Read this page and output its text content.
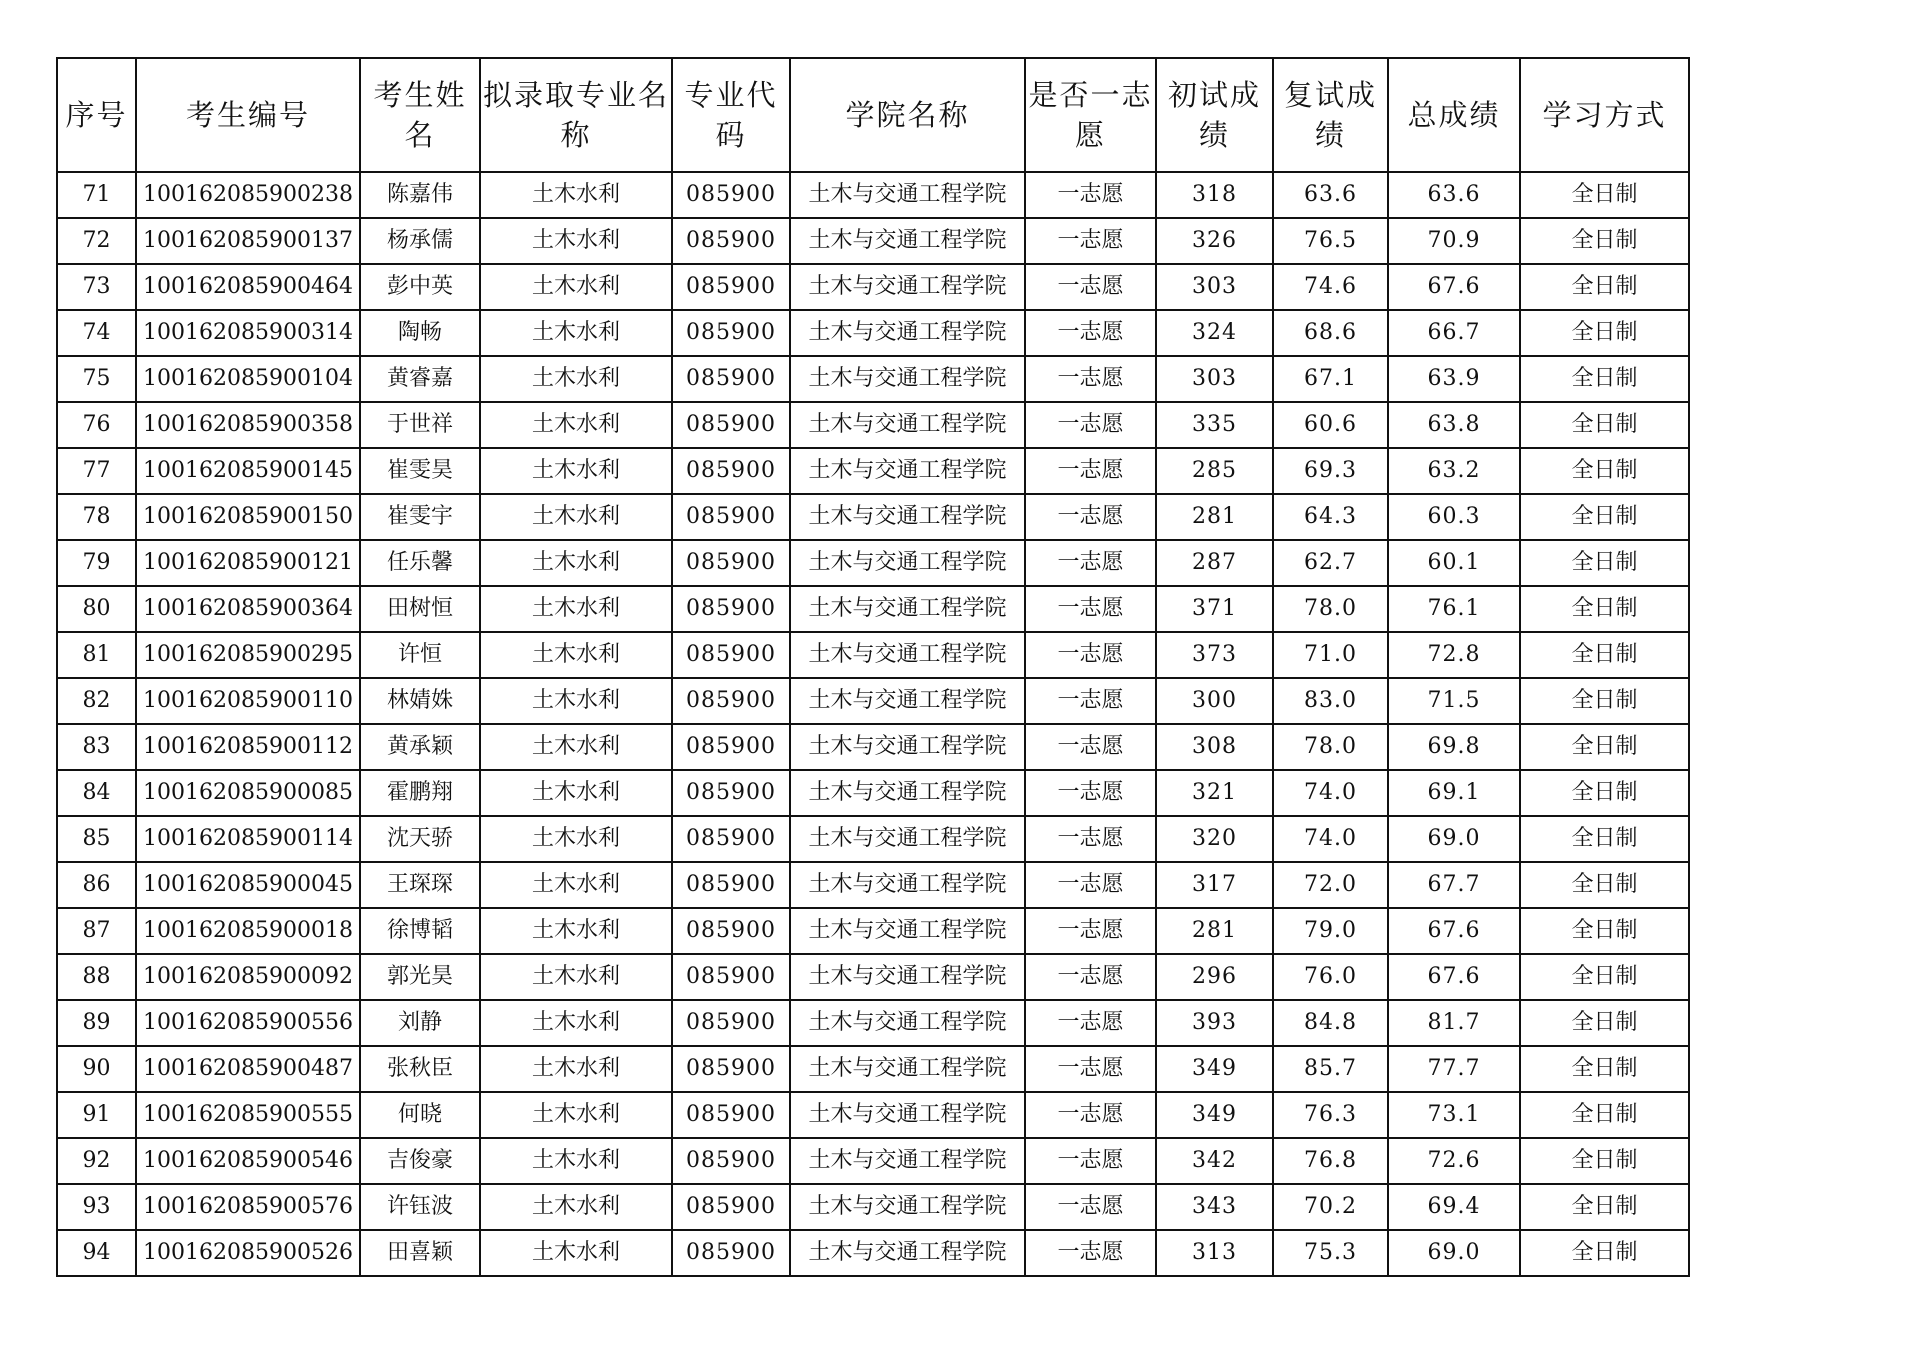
序号	考生编号	考生姓名	拟录取专业名称	专业代码	学院名称	是否一志愿	初试成绩	复试成绩	总成绩	学习方式
71	100162085900238	陈嘉伟	土木水利	085900	土木与交通工程学院	一志愿	318	63.6	63.6	全日制
72	100162085900137	杨承儒	土木水利	085900	土木与交通工程学院	一志愿	326	76.5	70.9	全日制
73	100162085900464	彭中英	土木水利	085900	土木与交通工程学院	一志愿	303	74.6	67.6	全日制
74	100162085900314	陶畅	土木水利	085900	土木与交通工程学院	一志愿	324	68.6	66.7	全日制
75	100162085900104	黄睿嘉	土木水利	085900	土木与交通工程学院	一志愿	303	67.1	63.9	全日制
76	100162085900358	于世祥	土木水利	085900	土木与交通工程学院	一志愿	335	60.6	63.8	全日制
77	100162085900145	崔雯昊	土木水利	085900	土木与交通工程学院	一志愿	285	69.3	63.2	全日制
78	100162085900150	崔雯宇	土木水利	085900	土木与交通工程学院	一志愿	281	64.3	60.3	全日制
79	100162085900121	任乐馨	土木水利	085900	土木与交通工程学院	一志愿	287	62.7	60.1	全日制
80	100162085900364	田树恒	土木水利	085900	土木与交通工程学院	一志愿	371	78.0	76.1	全日制
81	100162085900295	许恒	土木水利	085900	土木与交通工程学院	一志愿	373	71.0	72.8	全日制
82	100162085900110	林婧姝	土木水利	085900	土木与交通工程学院	一志愿	300	83.0	71.5	全日制
83	100162085900112	黄承颖	土木水利	085900	土木与交通工程学院	一志愿	308	78.0	69.8	全日制
84	100162085900085	霍鹏翔	土木水利	085900	土木与交通工程学院	一志愿	321	74.0	69.1	全日制
85	100162085900114	沈天骄	土木水利	085900	土木与交通工程学院	一志愿	320	74.0	69.0	全日制
86	100162085900045	王琛琛	土木水利	085900	土木与交通工程学院	一志愿	317	72.0	67.7	全日制
87	100162085900018	徐博韬	土木水利	085900	土木与交通工程学院	一志愿	281	79.0	67.6	全日制
88	100162085900092	郭光昊	土木水利	085900	土木与交通工程学院	一志愿	296	76.0	67.6	全日制
89	100162085900556	刘静	土木水利	085900	土木与交通工程学院	一志愿	393	84.8	81.7	全日制
90	100162085900487	张秋臣	土木水利	085900	土木与交通工程学院	一志愿	349	85.7	77.7	全日制
91	100162085900555	何晓	土木水利	085900	土木与交通工程学院	一志愿	349	76.3	73.1	全日制
92	100162085900546	吉俊豪	土木水利	085900	土木与交通工程学院	一志愿	342	76.8	72.6	全日制
93	100162085900576	许钰波	土木水利	085900	土木与交通工程学院	一志愿	343	70.2	69.4	全日制
94	100162085900526	田喜颖	土木水利	085900	土木与交通工程学院	一志愿	313	75.3	69.0	全日制
